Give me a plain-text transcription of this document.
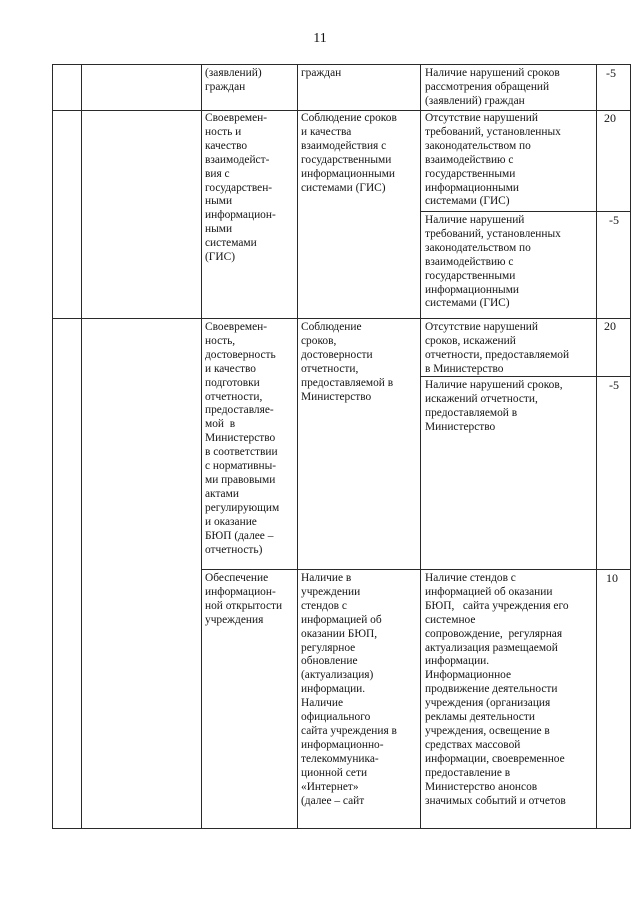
11
(заявлений)
граждан
граждан	Наличие нарушений сроков
рассмотрения обращений
(заявлений) граждан
-5
Своевремен-
ность и
качество
взаимодейст-
вия с
государствен-
ными
информацион-
ными
системами
(ГИС)
Соблюдение сроков
и качества
взаимодействия с
государственными
информационными
системами (ГИС)
Отсутствие нарушений
требований, установленных
законодательством по
взаимодействию с
государственными
информационными
системами (ГИС)
20
Наличие нарушений
требований, установленных
законодательством по
взаимодействию с
государственными
информационными
системами (ГИС)
-5
Своевремен-
ность,
достоверность
и качество
подготовки
отчетности,
предоставляе-
мой  в
Министерство
в соответствии
с нормативны-
ми правовыми
актами
регулирующим
и оказание
БЮП (далее –
отчетность)
Соблюдение
сроков,
достоверности
отчетности,
предоставляемой в
Министерство
Отсутствие нарушений
сроков, искажений
отчетности, предоставляемой
в Министерство
20
Наличие нарушений сроков,
искажений отчетности,
предоставляемой в
Министерство
-5
Обеспечение
информацион-
ной открытости
учреждения
Наличие в
учреждении
стендов с
информацией об
оказании БЮП,
регулярное
обновление
(актуализация)
информации.
Наличие
официального
сайта учреждения в
информационно-
телекоммуника-
ционной сети
«Интернет»
(далее – сайт
Наличие стендов с
информацией об оказании
БЮП,   сайта учреждения его
системное
сопровождение,  регулярная
актуализация размещаемой
информации.
Информационное
продвижение деятельности
учреждения (организация
рекламы деятельности
учреждения, освещение в
средствах массовой
информации, своевременное
предоставление в
Министерство анонсов
значимых событий и отчетов
10
